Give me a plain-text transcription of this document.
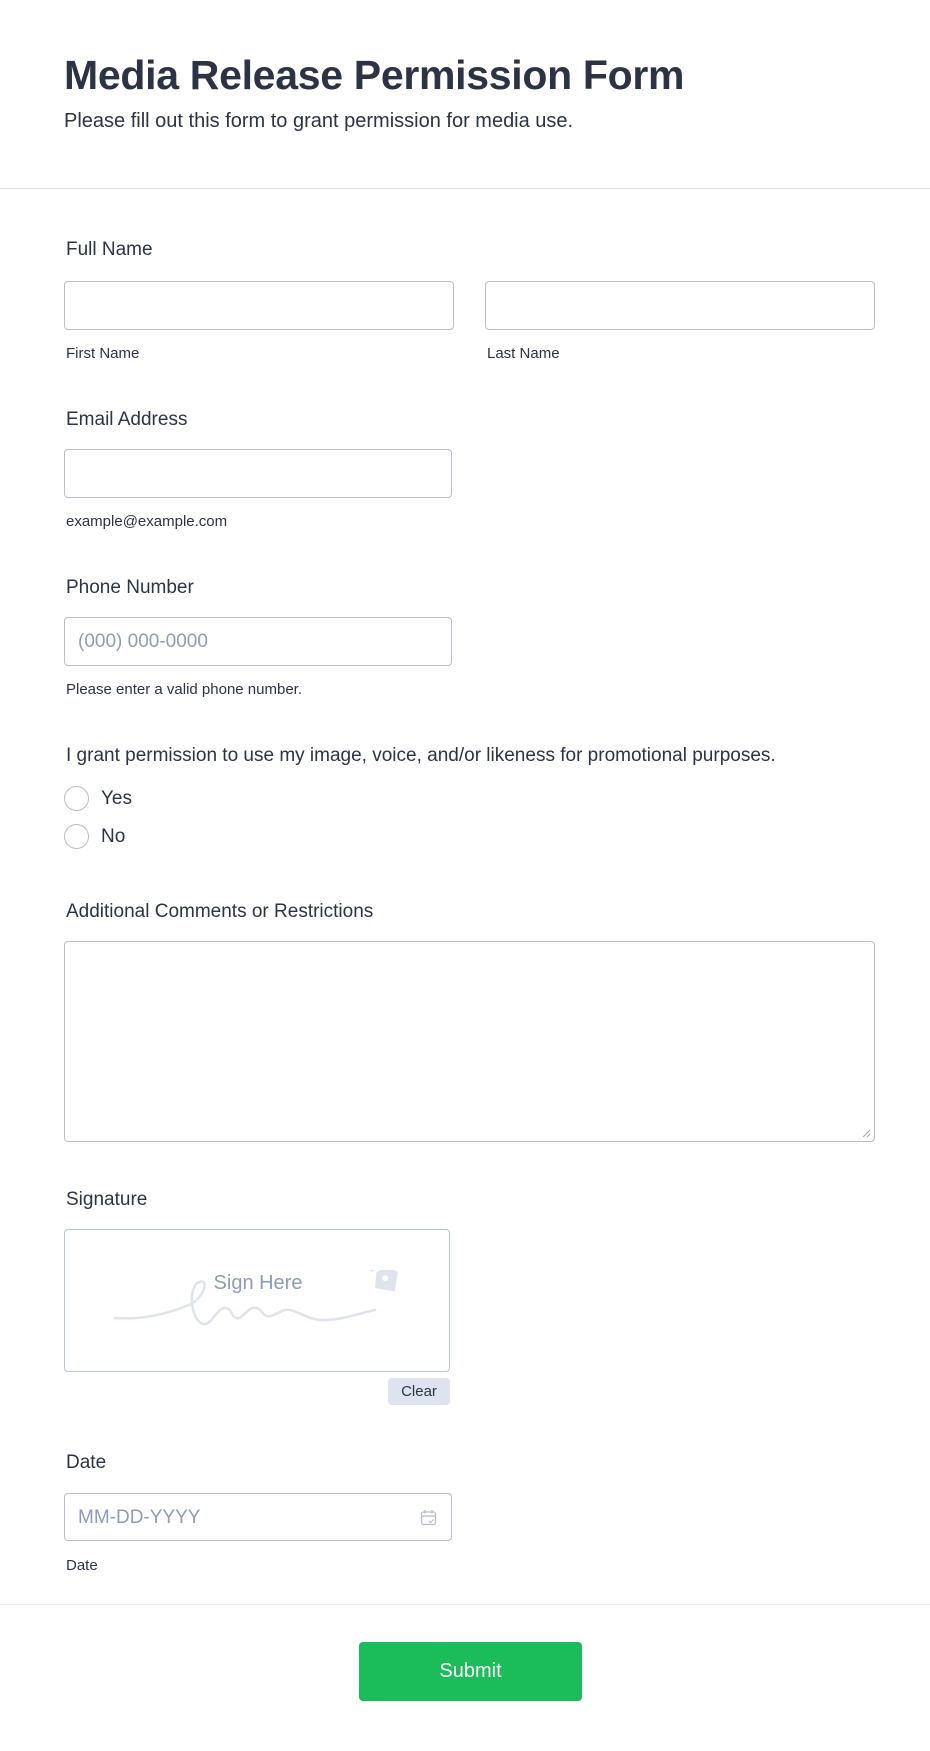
Media Release Permission Form
Please fill out this form to grant permission for media use.
Full Name
First Name	Last Name
Email Address
example@example.com
Phone Number
(000) 000-0000
Please enter a valid phone number.
I grant permission to use my image, voice, and/or likeness for promotional purposes.
Yes
No
Additional Comments or Restrictions
Signature
Sign Here
Clear
Date
MM-DD-YYYY
Date
Submit
